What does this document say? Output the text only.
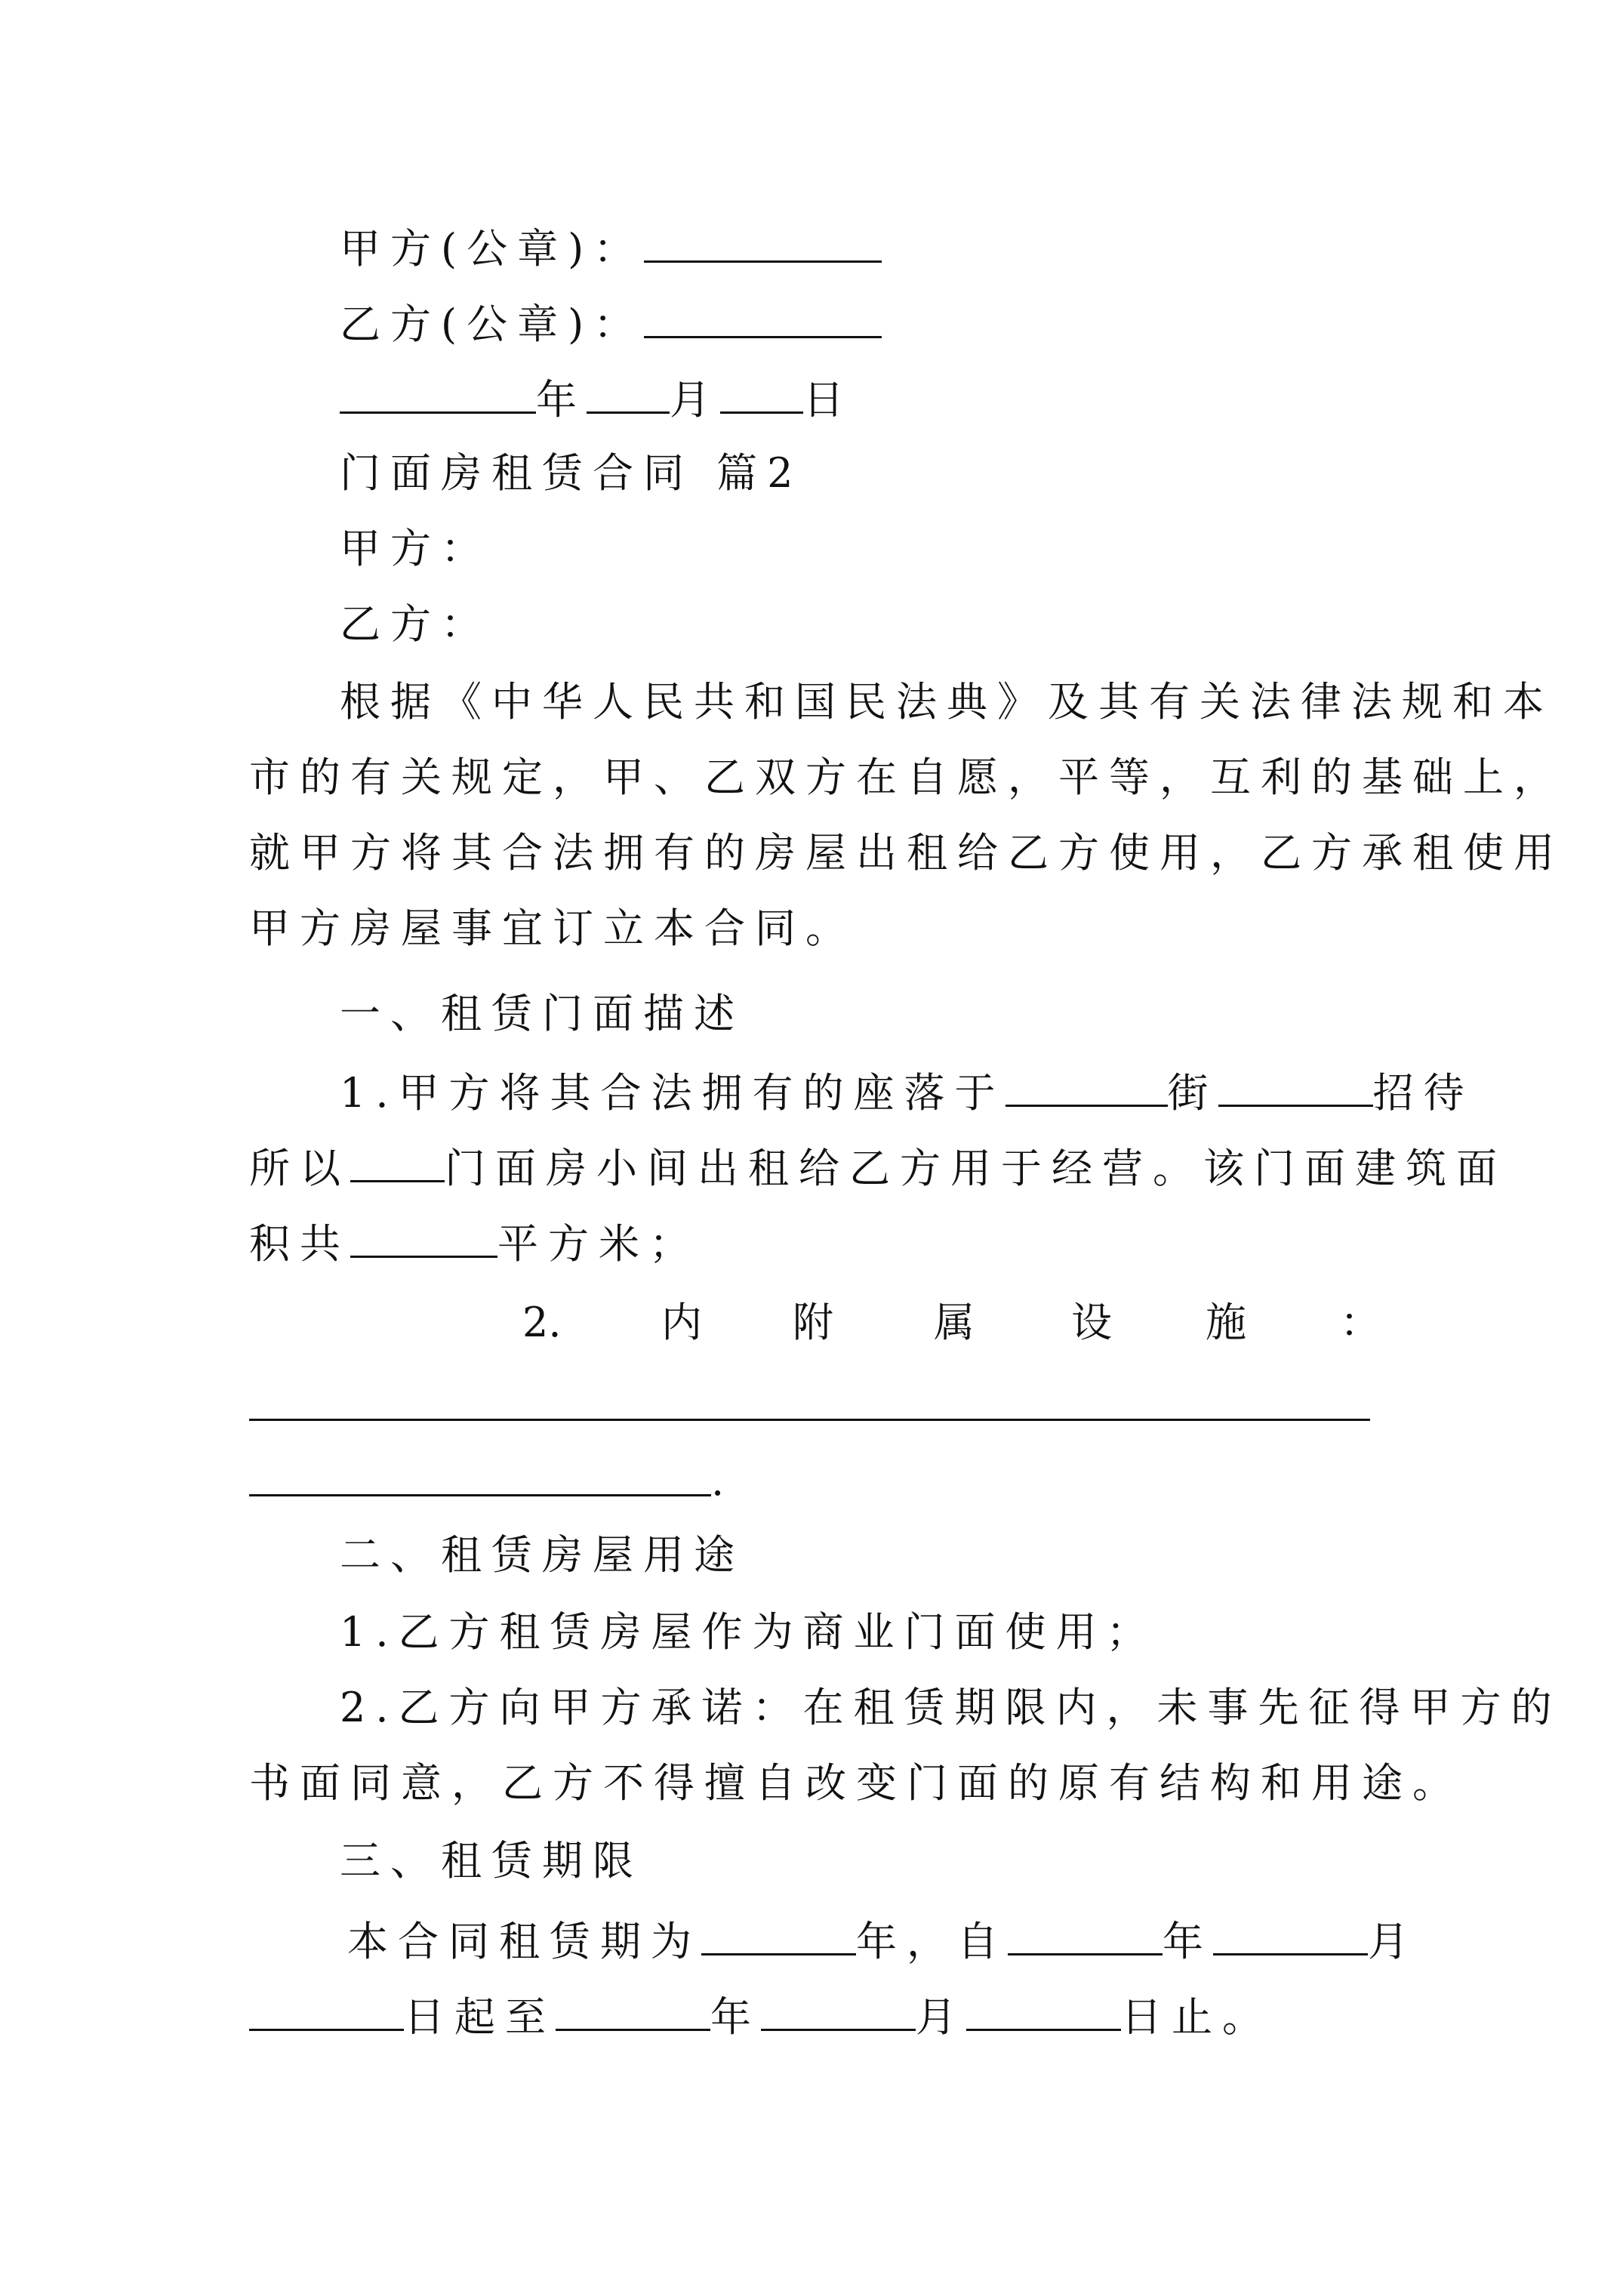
甲方(公章)：
乙方(公章)：
年 月 日
门面房租赁合同 篇2
甲方：
乙方：
根据《中华人民共和国民法典》及其有关法律法规和本
市的有关规定，甲、乙双方在自愿，平等，互利的基础上，
就甲方将其合法拥有的房屋出租给乙方使用，乙方承租使用
甲方房屋事宜订立本合同。
一、租赁门面描述
1.甲方将其合法拥有的座落于	街	招待
所以 门面房小间出租给乙方用于经营。该门面建筑面
积共	平方米；
2. 内 附 属 设 施 ：
.
二、租赁房屋用途
1.乙方租赁房屋作为商业门面使用；
2.乙方向甲方承诺：在租赁期限内，未事先征得甲方的
书面同意，乙方不得擅自改变门面的原有结构和用途。
三、租赁期限
本合同租赁期为	年，自	年	月
日起至	年	月	日止。
